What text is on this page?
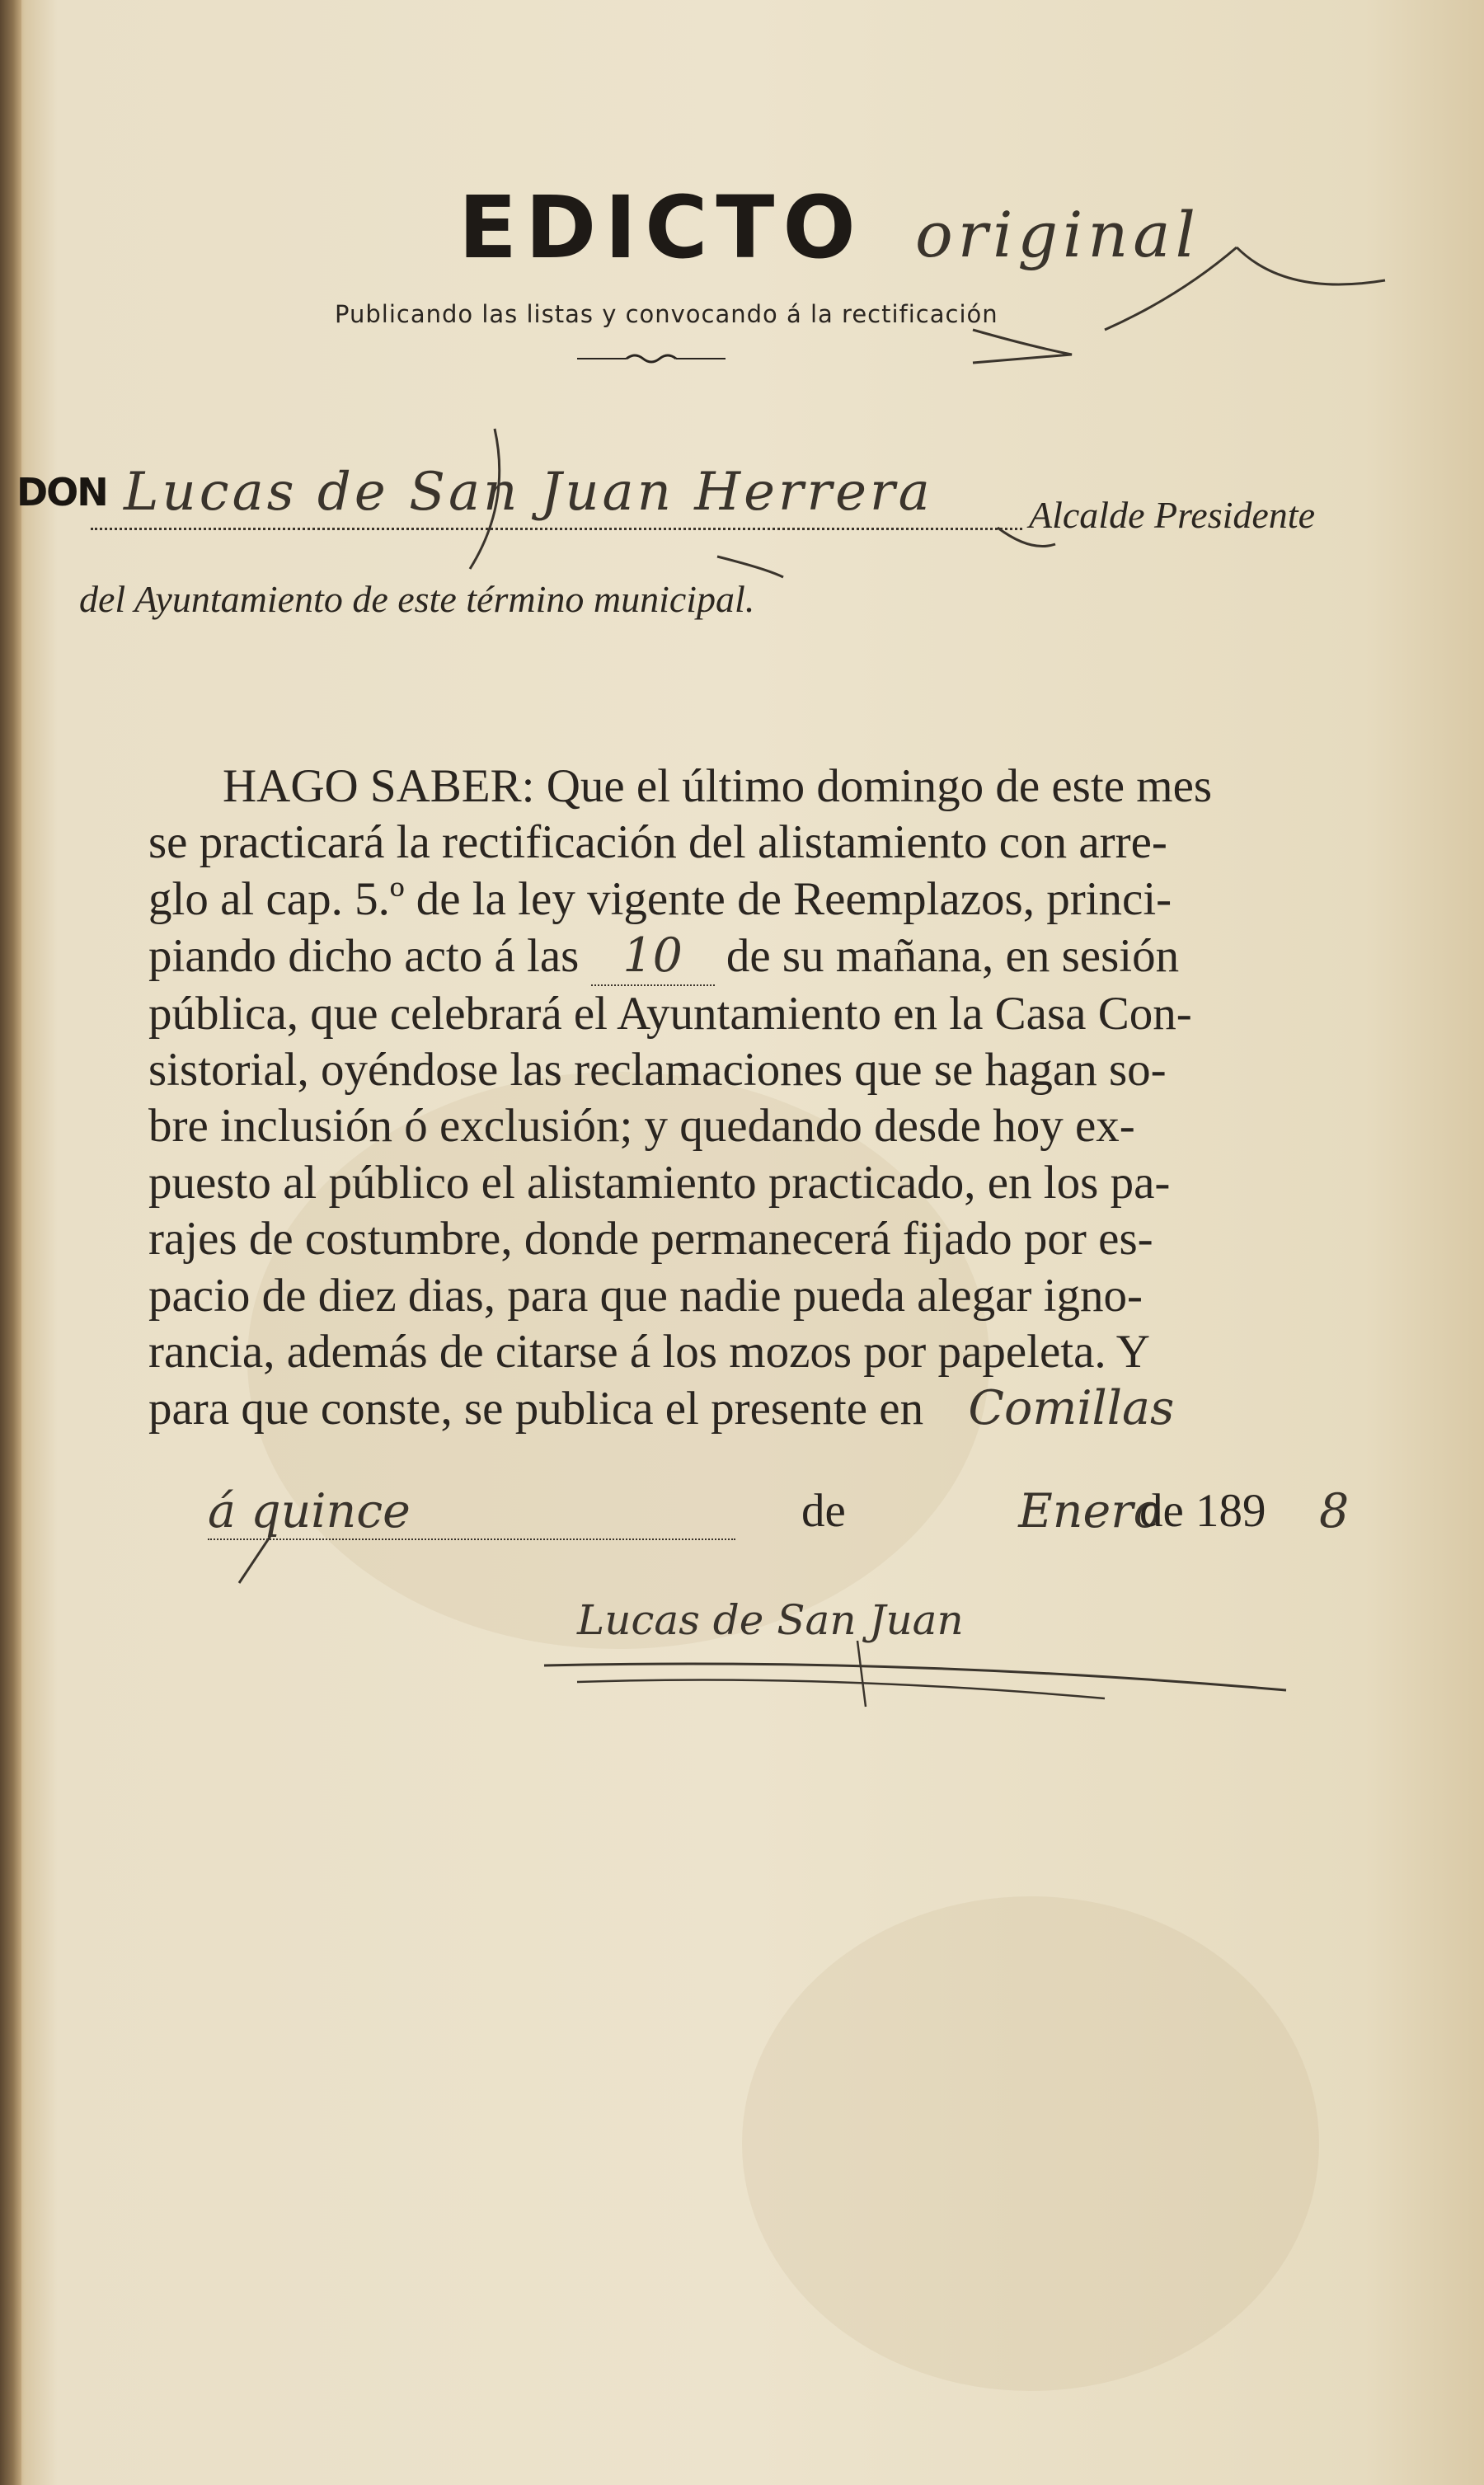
EDICTO original
Publicando las listas y convocando á la rectificación
DON Lucas de San Juan Herrera	Alcalde Presidente
del Ayuntamiento de este término municipal.
HAGO SABER: Que el último domingo de este mes
se practicará la rectificación del alistamiento con arre-
glo al cap. 5.º de la ley vigente de Reemplazos, princi-
piando dicho acto á las 10 de su mañana, en sesión
pública, que celebrará el Ayuntamiento en la Casa Con-
sistorial, oyéndose las reclamaciones que se hagan so-
bre inclusión ó exclusión; y quedando desde hoy ex-
puesto al público el alistamiento practicado, en los pa-
rajes de costumbre, donde permanecerá fijado por es-
pacio de diez dias, para que nadie pueda alegar igno-
rancia, además de citarse á los mozos por papeleta. Y
para que conste, se publica el presente en Comillas
á quince	de	Enero
de 189 8
Lucas de San Juan
